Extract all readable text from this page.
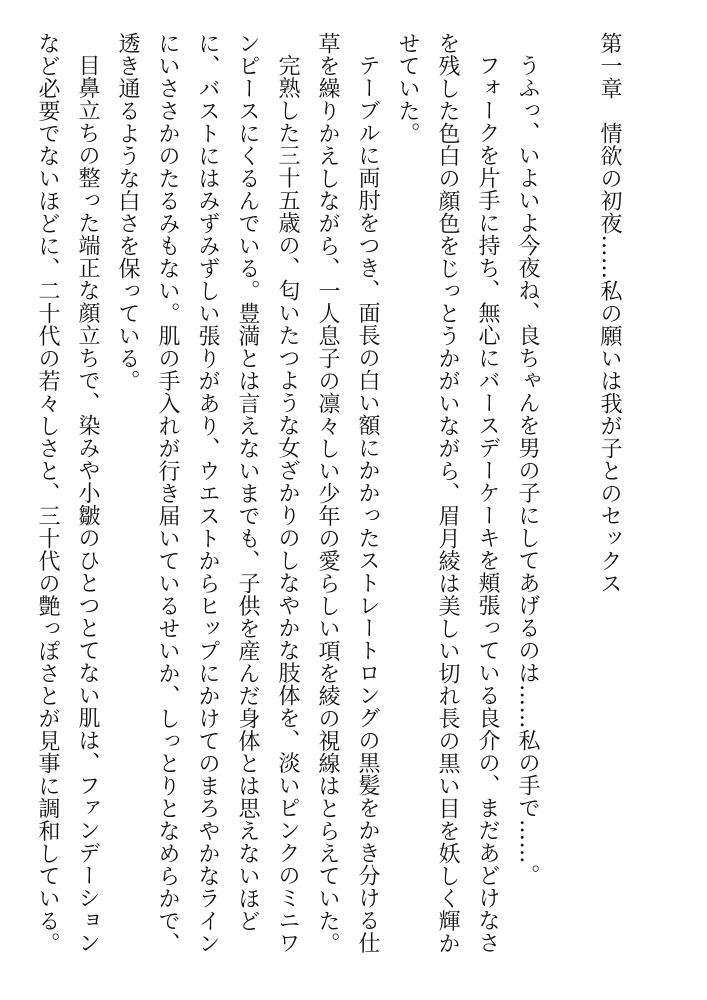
第一章　情欲の初夜……私の願いは我が子とのセックス

うふっ、いよいよ今夜ね、良ちゃんを男の子にしてあげるのは……私の手で……。

フォークを片手に持ち、無心にバースデーケーキを頬張っている良介の、まだあどけなさを残した色白の顔色をじっとうかがいながら、眉月綾は美しい切れ長の黒い目を妖しく輝かせていた。

テーブルに両肘をつき、面長の白い額にかかったストレートロングの黒髪をかき分ける仕草を繰りかえしながら、一人息子の凛々しい少年の愛らしい項を綾の視線はとらえていた。

完熟した三十五歳の、匂いたつような女ざかりのしなやかな肢体を、淡いピンクのミニワンピースにくるんでいる。豊満とは言えないまでも、子供を産んだ身体とは思えないほどに、バストにはみずみずしい張りがあり、ウエストからヒップにかけてのまろやかなラインにいささかのたるみもない。肌の手入れが行き届いているせいか、しっとりとなめらかで、透き通るような白さを保っている。

目鼻立ちの整った端正な顔立ちで、染みや小皺のひとつとてない肌は、ファンデーションなど必要でないほどに、二十代の若々しさと、三十代の艶っぽさとが見事に調和している。
